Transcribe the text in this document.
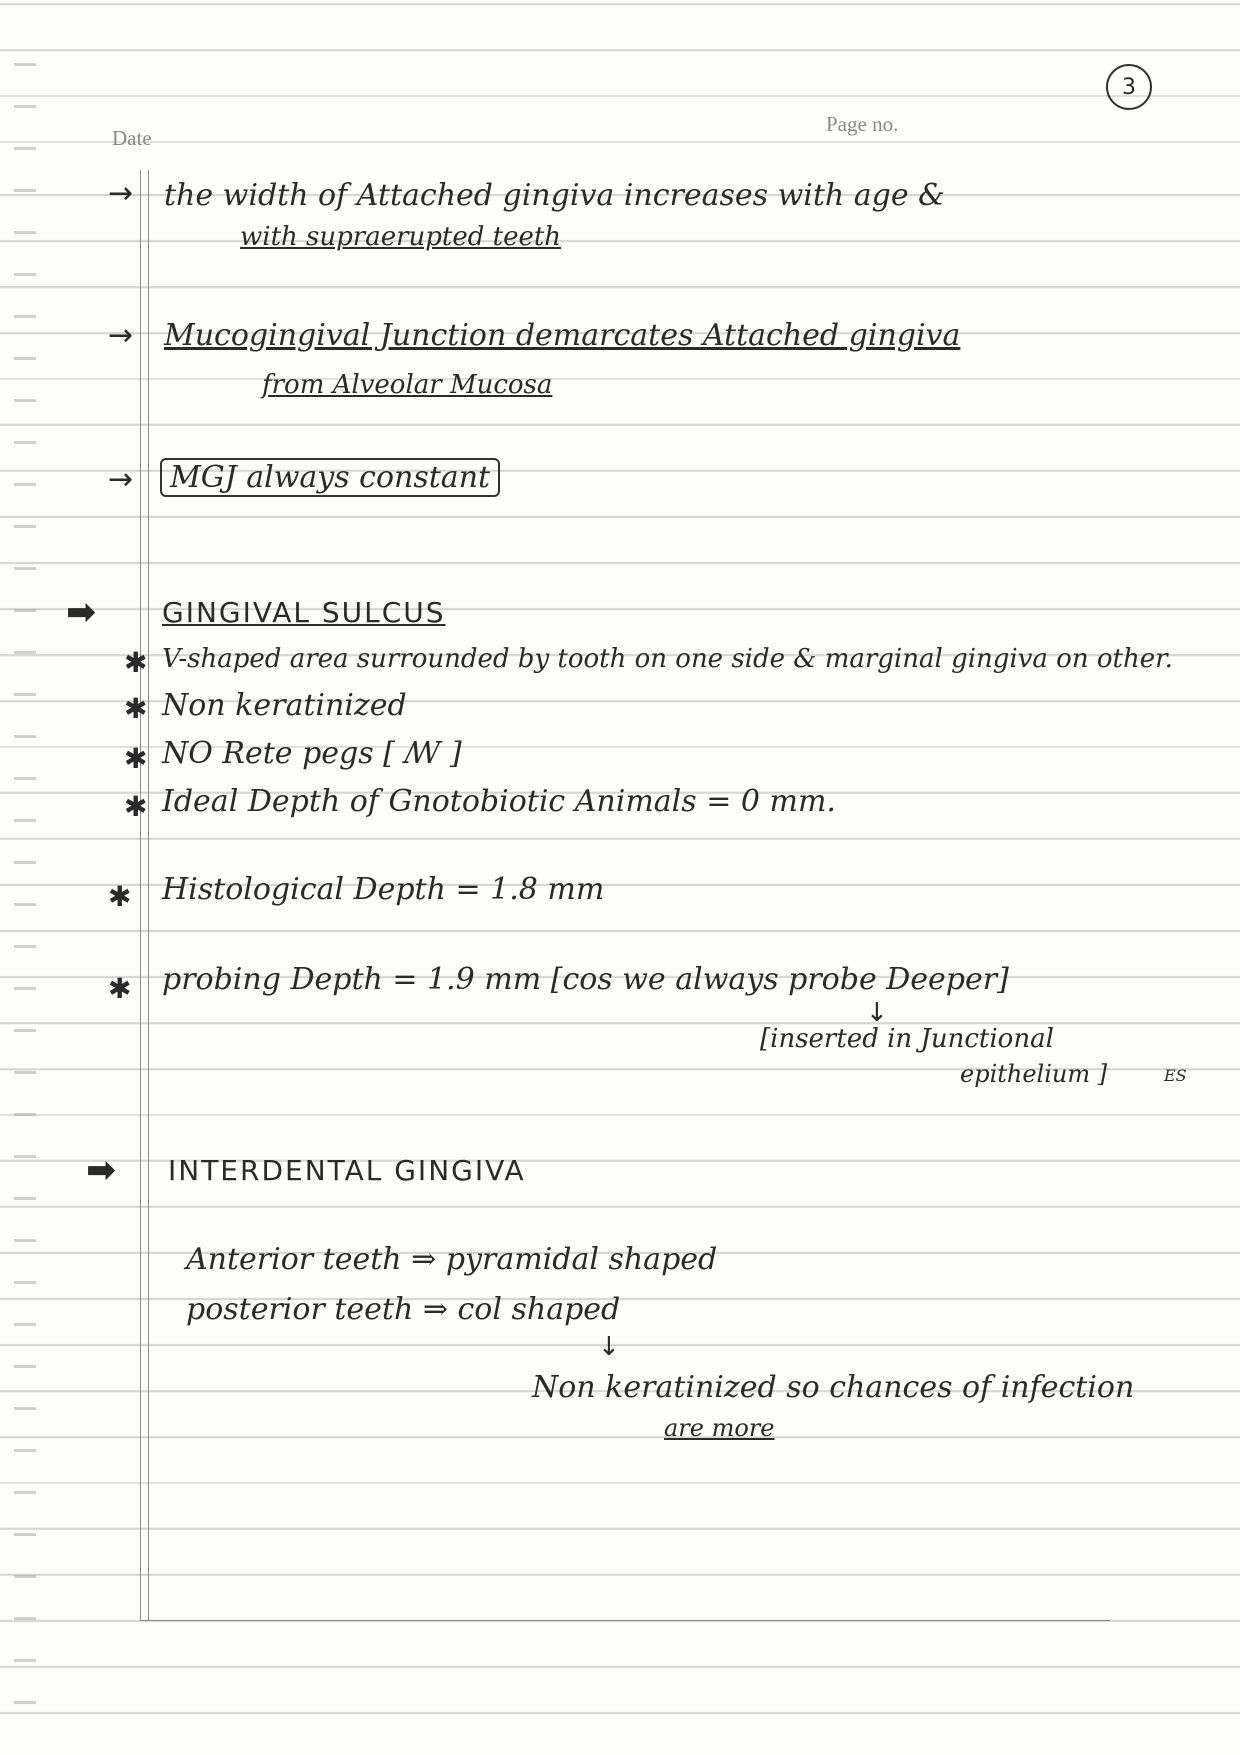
Date
Page no.
3
→ the width of Attached gingiva increases with age &
with supraerupted teeth
→ Mucogingival Junction demarcates Attached gingiva
from Alveolar Mucosa
→	MGJ always constant
➡ GINGIVAL SULCUS
✱ V-shaped area surrounded by tooth on one side & marginal gingiva on other.
✱ Non keratinized
✱ NO Rete pegs [ ꟿ ]
✱ Ideal Depth of Gnotobiotic Animals = 0 mm.
✱ Histological Depth = 1.8 mm
✱ probing Depth = 1.9 mm [cos we always probe Deeper]
↓
[inserted in Junctional
epithelium ]	ES
➡ INTERDENTAL GINGIVA
Anterior teeth ⇒ pyramidal shaped
posterior teeth ⇒ col shaped
↓
Non keratinized so chances of infection
are more
